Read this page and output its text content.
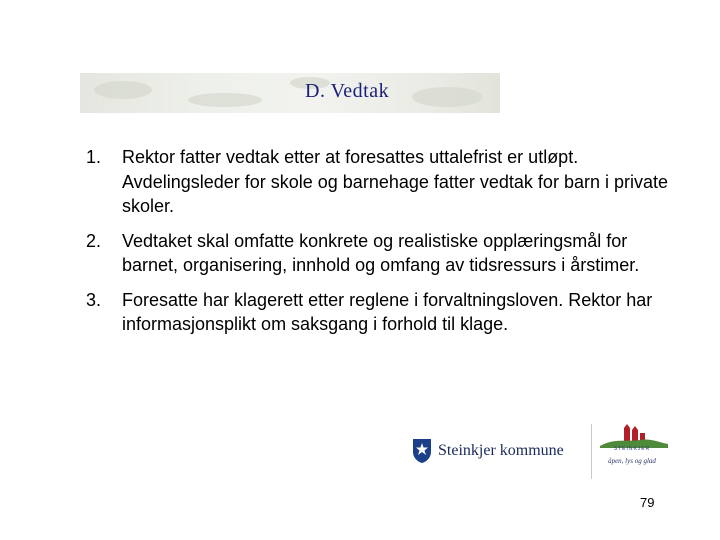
D. Vedtak
1. Rektor fatter vedtak etter at foresattes uttalefrist er utløpt. Avdelingsleder for skole og barnehage fatter vedtak for barn i private skoler.
2. Vedtaket skal omfatte konkrete og realistiske opplæringsmål for barnet, organisering, innhold og omfang av tidsressurs i årstimer.
3. Foresatte har klagerett etter reglene i forvaltningsloven. Rektor har informasjonsplikt om saksgang i forhold til klage.
Steinkjer kommune	STEINKJER
åpen, lys og glad
79
